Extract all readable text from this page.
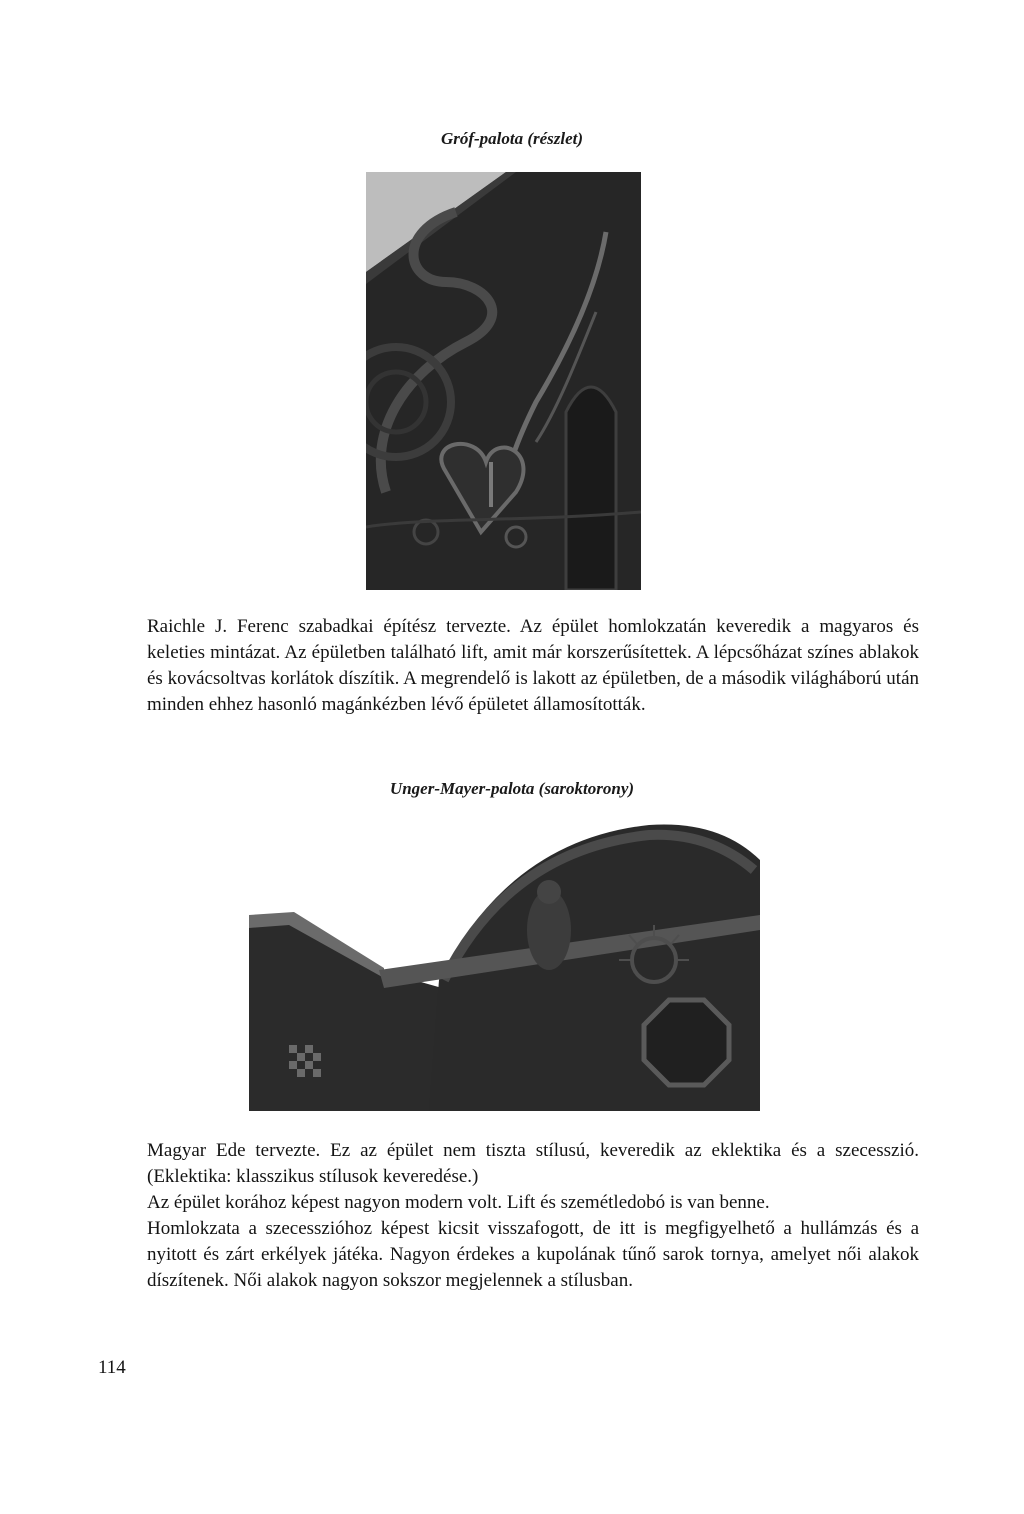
Gróf-palota (részlet)

Raichle J. Ferenc szabadkai építész tervezte. Az épület homlokzatán keveredik a magyaros és keleties mintázat. Az épületben található lift, amit már korszerűsítettek. A lépcsőházat színes ablakok és kovácsoltvas korlátok díszítik. A megrendelő is lakott az épületben, de a második világháború után minden ehhez hasonló magánkézben lévő épületet államosították.

Unger-Mayer-palota (saroktorony)

Magyar Ede tervezte. Ez az épület nem tiszta stílusú, keveredik az eklektika és a szecesszió. (Eklektika: klasszikus stílusok keveredése.)

Az épület korához képest nagyon modern volt. Lift és szemétledobó is van benne.

Homlokzata a szecesszióhoz képest kicsit visszafogott, de itt is megfigyelhető a hullámzás és a nyitott és zárt erkélyek játéka. Nagyon érdekes a kupolának tűnő sarok tornya, amelyet női alakok díszítenek. Női alakok nagyon sokszor megjelennek a stílusban.

114
